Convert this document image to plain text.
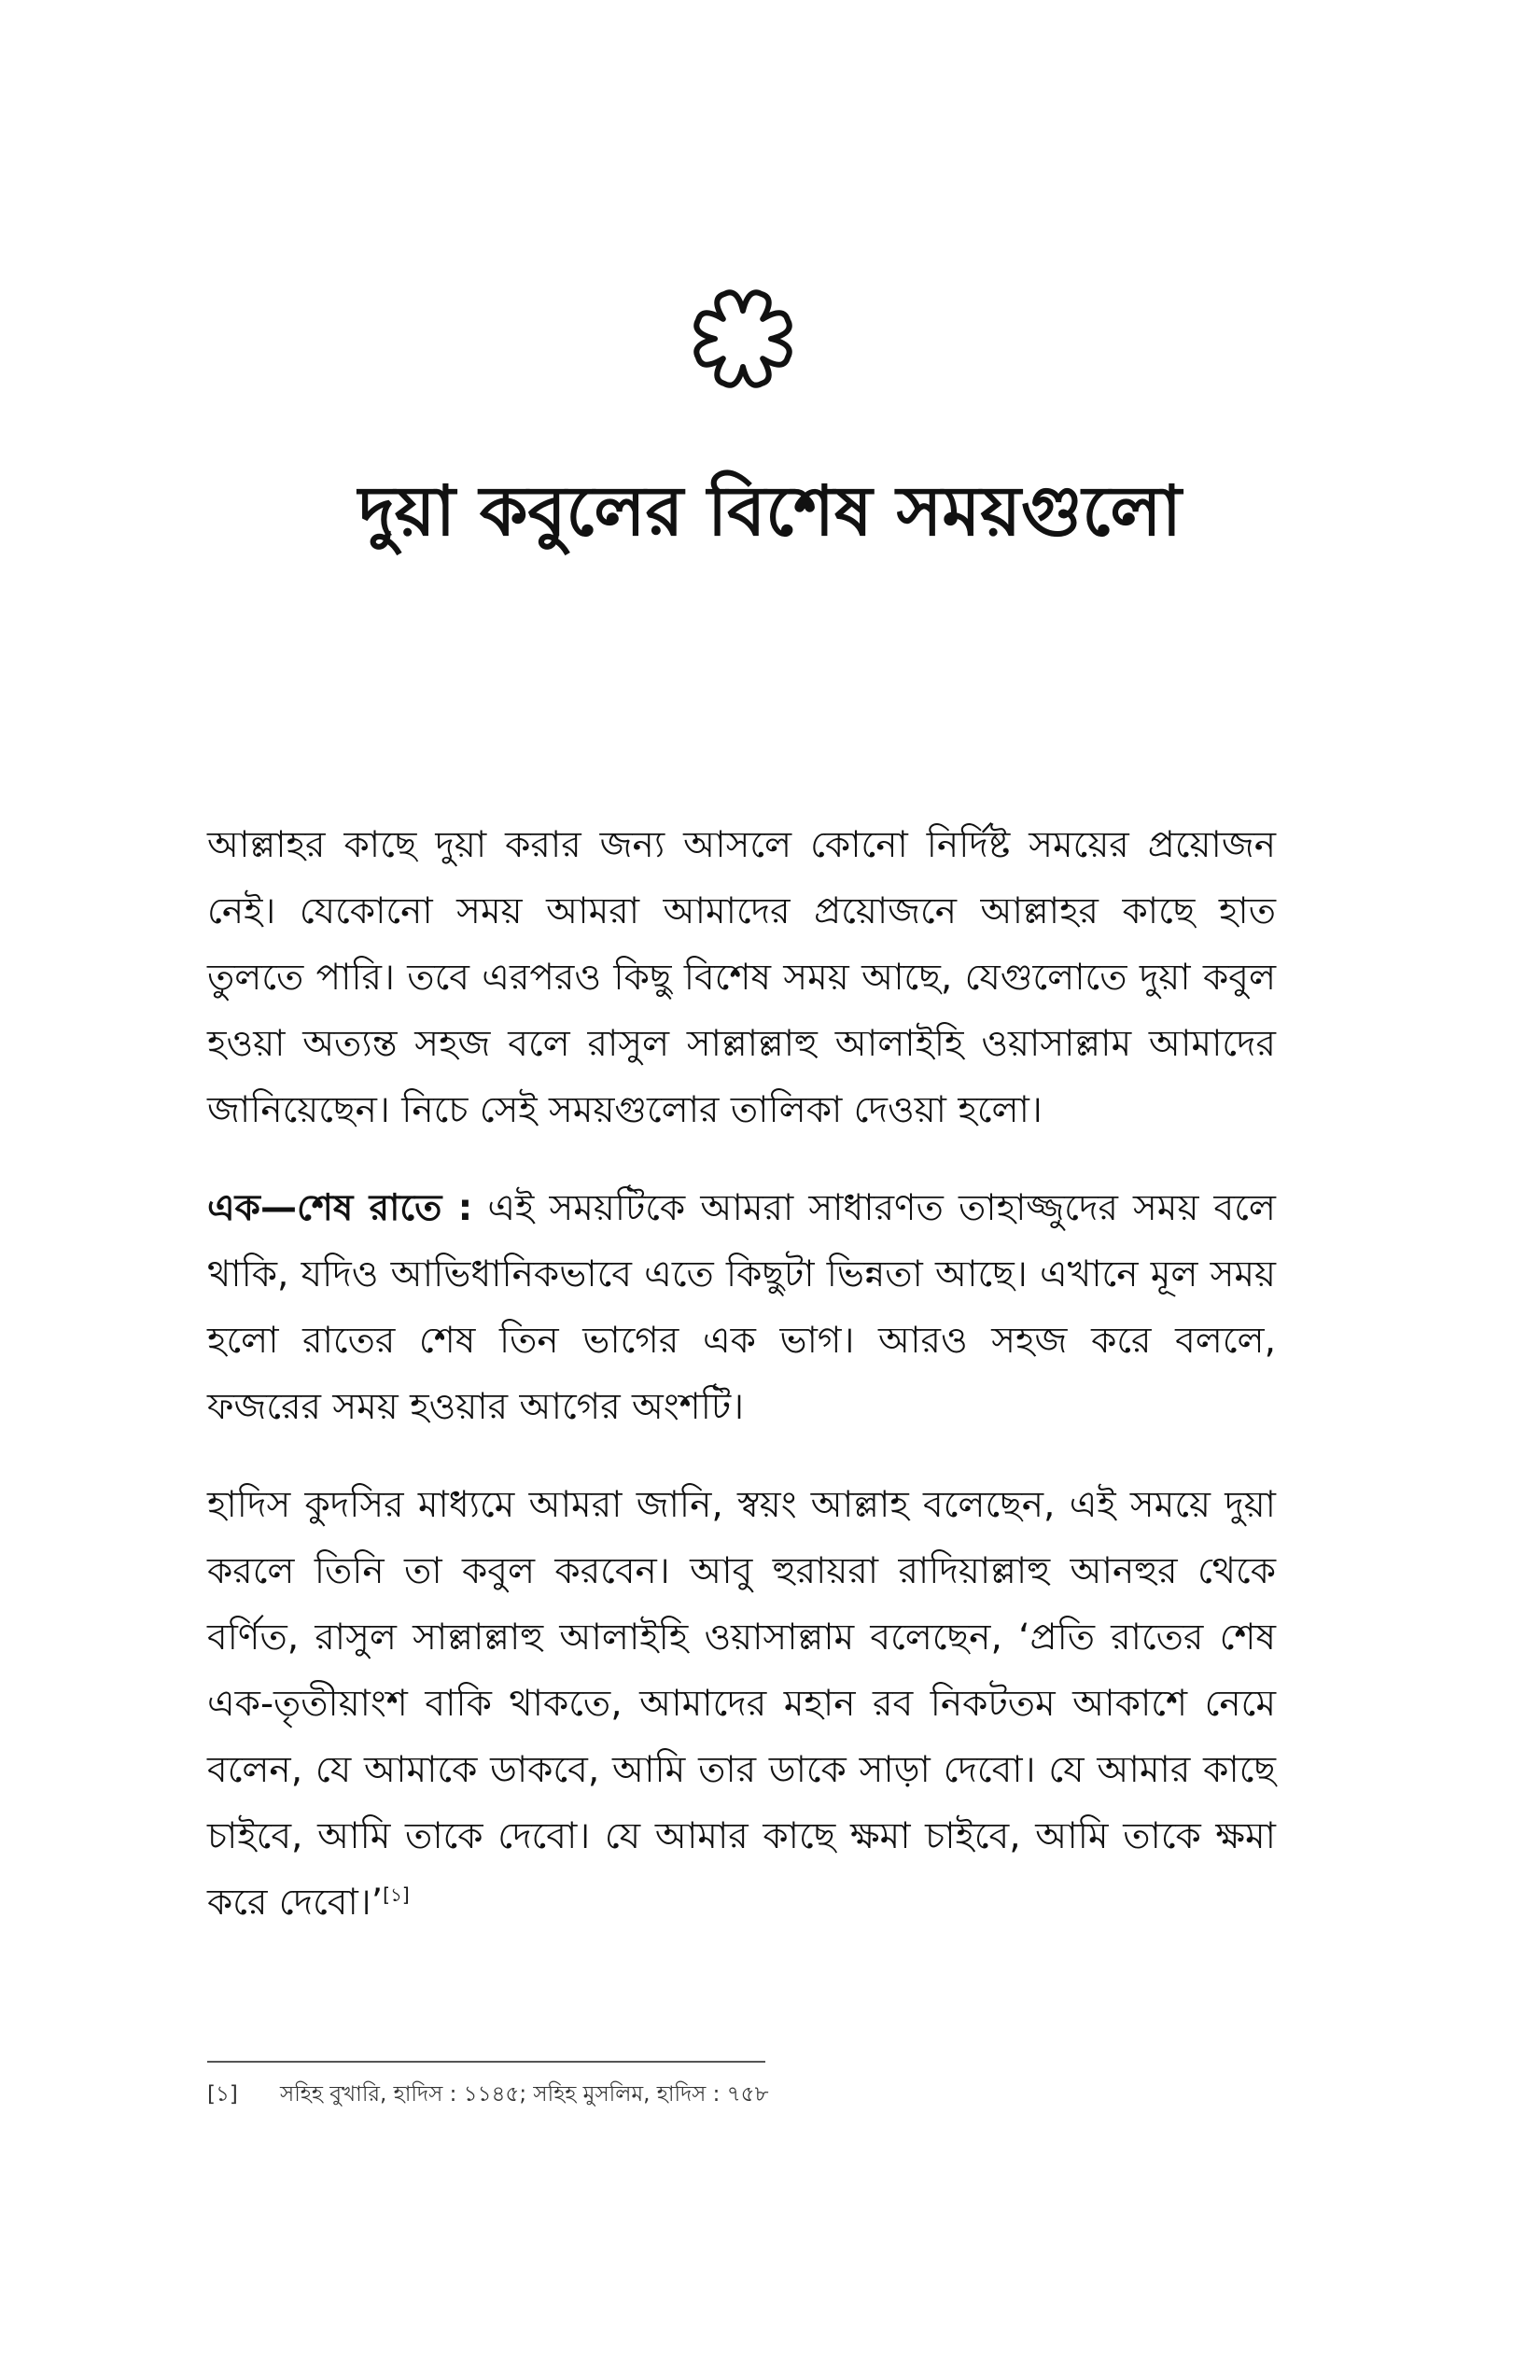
দুয়া কবুলের বিশেষ সময়গুলো

আল্লাহর কাছে দুয়া করার জন্য আসলে কোনো নির্দিষ্ট সময়ের প্রয়োজন নেই। যেকোনো সময় আমরা আমাদের প্রয়োজনে আল্লাহর কাছে হাত তুলতে পারি। তবে এরপরও কিছু বিশেষ সময় আছে, যেগুলোতে দুয়া কবুল হওয়া অত্যন্ত সহজ বলে রাসুল সাল্লাল্লাহু আলাইহি ওয়াসাল্লাম আমাদের জানিয়েছেন। নিচে সেই সময়গুলোর তালিকা দেওয়া হলো।

এক—শেষ রাতে : এই সময়টিকে আমরা সাধারণত তাহাজ্জুদের সময় বলে থাকি, যদিও আভিধানিকভাবে এতে কিছুটা ভিন্নতা আছে। এখানে মূল সময় হলো রাতের শেষ তিন ভাগের এক ভাগ। আরও সহজ করে বললে, ফজরের সময় হওয়ার আগের অংশটি।

হাদিস কুদসির মাধ্যমে আমরা জানি, স্বয়ং আল্লাহ বলেছেন, এই সময়ে দুয়া করলে তিনি তা কবুল করবেন। আবু হুরায়রা রাদিয়াল্লাহু আনহুর থেকে বর্ণিত, রাসুল সাল্লাল্লাহু আলাইহি ওয়াসাল্লাম বলেছেন, ‘প্রতি রাতের শেষ এক-তৃতীয়াংশ বাকি থাকতে, আমাদের মহান রব নিকটতম আকাশে নেমে বলেন, যে আমাকে ডাকবে, আমি তার ডাকে সাড়া দেবো। যে আমার কাছে চাইবে, আমি তাকে দেবো। যে আমার কাছে ক্ষমা চাইবে, আমি তাকে ক্ষমা করে দেবো।’[১]

[১] সহিহ বুখারি, হাদিস : ১১৪৫; সহিহ মুসলিম, হাদিস : ৭৫৮
